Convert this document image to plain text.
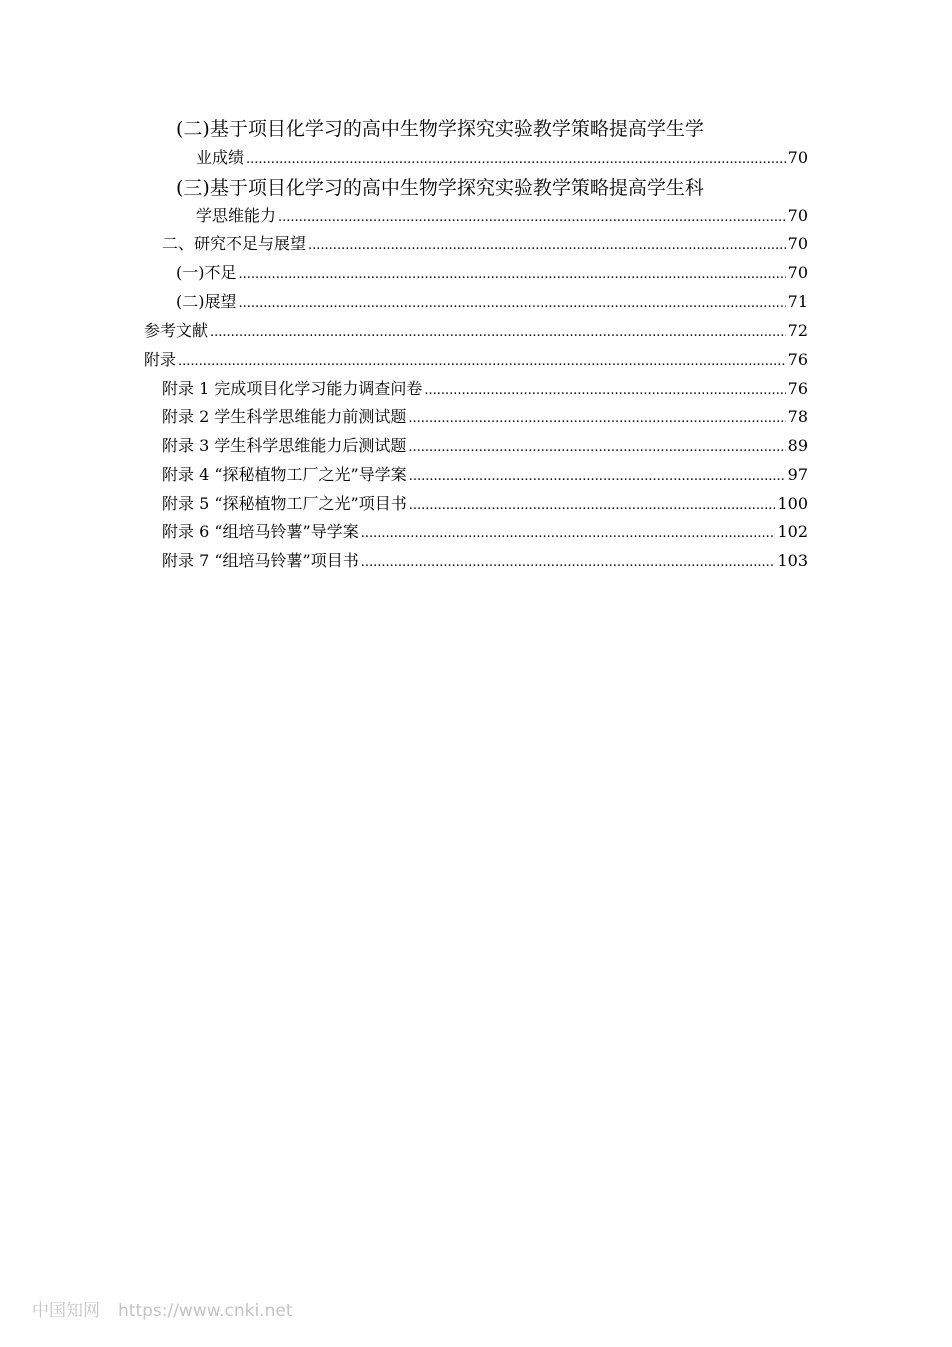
(二)基于项目化学习的高中生物学探究实验教学策略提高学生学
业成绩 .....	70
(三)基于项目化学习的高中生物学探究实验教学策略提高学生科
学思维能力 .....	70
二、研究不足与展望 .....	70
(一)不足 .....	70
(二)展望 .....	71
参考文献 .....	72
附录 .....	76
附录 1 完成项目化学习能力调查问卷 .....	76
附录 2 学生科学思维能力前测试题 .....	78
附录 3 学生科学思维能力后测试题 .....	89
附录 4 “探秘植物工厂之光”导学案 .....	97
附录 5 “探秘植物工厂之光”项目书 .....	100
附录 6 “组培马铃薯”导学案 .....	102
附录 7 “组培马铃薯”项目书 .....	103
中国知网 https://www.cnki.net
